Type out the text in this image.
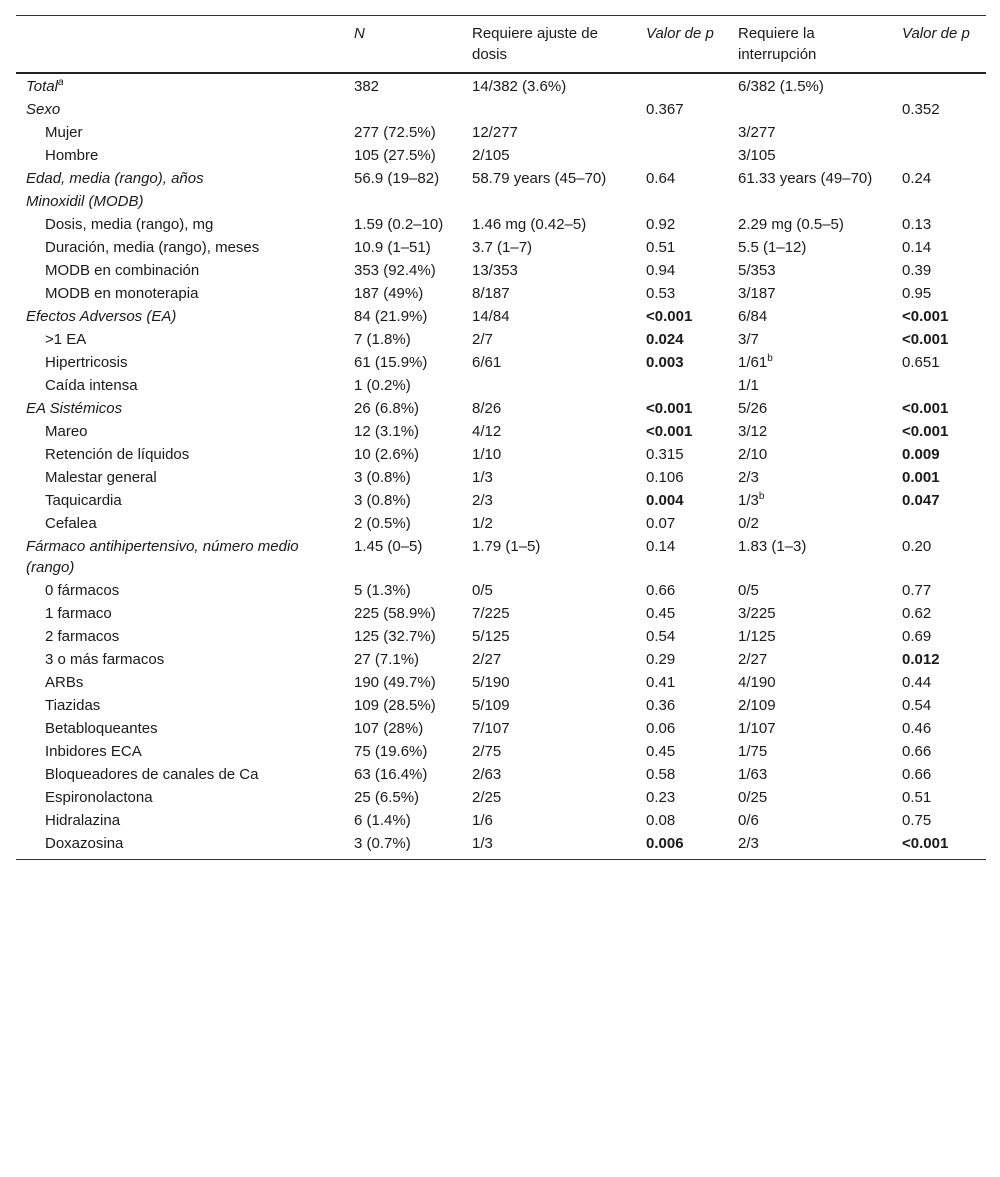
	N	Requiere ajuste de dosis	Valor de p	Requiere la interrupción	Valor de p
Total$^a$	382	14/382 (3.6%)		6/382 (1.5%)	
Sexo			0.367		0.352
Mujer	277 (72.5%)	12/277		3/277	
Hombre	105 (27.5%)	2/105		3/105	
Edad, media (rango), años	56.9 (19–82)	58.79 years (45–70)	0.64	61.33 years (49–70)	0.24
Minoxidil (MODB)					
Dosis, media (rango), mg	1.59 (0.2–10)	1.46 mg (0.42–5)	0.92	2.29 mg (0.5–5)	0.13
Duración, media (rango), meses	10.9 (1–51)	3.7 (1–7)	0.51	5.5 (1–12)	0.14
MODB en combinación	353 (92.4%)	13/353	0.94	5/353	0.39
MODB en monoterapia	187 (49%)	8/187	0.53	3/187	0.95
Efectos Adversos (EA)	84 (21.9%)	14/84	<0.001	6/84	<0.001
>1 EA	7 (1.8%)	2/7	0.024	3/7	<0.001
Hipertricosis	61 (15.9%)	6/61	0.003	1/61$^b$	0.651
Caída intensa	1 (0.2%)			1/1	
EA Sistémicos	26 (6.8%)	8/26	<0.001	5/26	<0.001
Mareo	12 (3.1%)	4/12	<0.001	3/12	<0.001
Retención de líquidos	10 (2.6%)	1/10	0.315	2/10	0.009
Malestar general	3 (0.8%)	1/3	0.106	2/3	0.001
Taquicardia	3 (0.8%)	2/3	0.004	1/3$^b$	0.047
Cefalea	2 (0.5%)	1/2	0.07	0/2	
Fármaco antihipertensivo, número medio (rango)	1.45 (0–5)	1.79 (1–5)	0.14	1.83 (1–3)	0.20
0 fármacos	5 (1.3%)	0/5	0.66	0/5	0.77
1 farmaco	225 (58.9%)	7/225	0.45	3/225	0.62
2 farmacos	125 (32.7%)	5/125	0.54	1/125	0.69
3 o más farmacos	27 (7.1%)	2/27	0.29	2/27	0.012
ARBs	190 (49.7%)	5/190	0.41	4/190	0.44
Tiazidas	109 (28.5%)	5/109	0.36	2/109	0.54
Betabloqueantes	107 (28%)	7/107	0.06	1/107	0.46
Inbidores ECA	75 (19.6%)	2/75	0.45	1/75	0.66
Bloqueadores de canales de Ca	63 (16.4%)	2/63	0.58	1/63	0.66
Espironolactona	25 (6.5%)	2/25	0.23	0/25	0.51
Hidralazina	6 (1.4%)	1/6	0.08	0/6	0.75
Doxazosina	3 (0.7%)	1/3	0.006	2/3	<0.001
